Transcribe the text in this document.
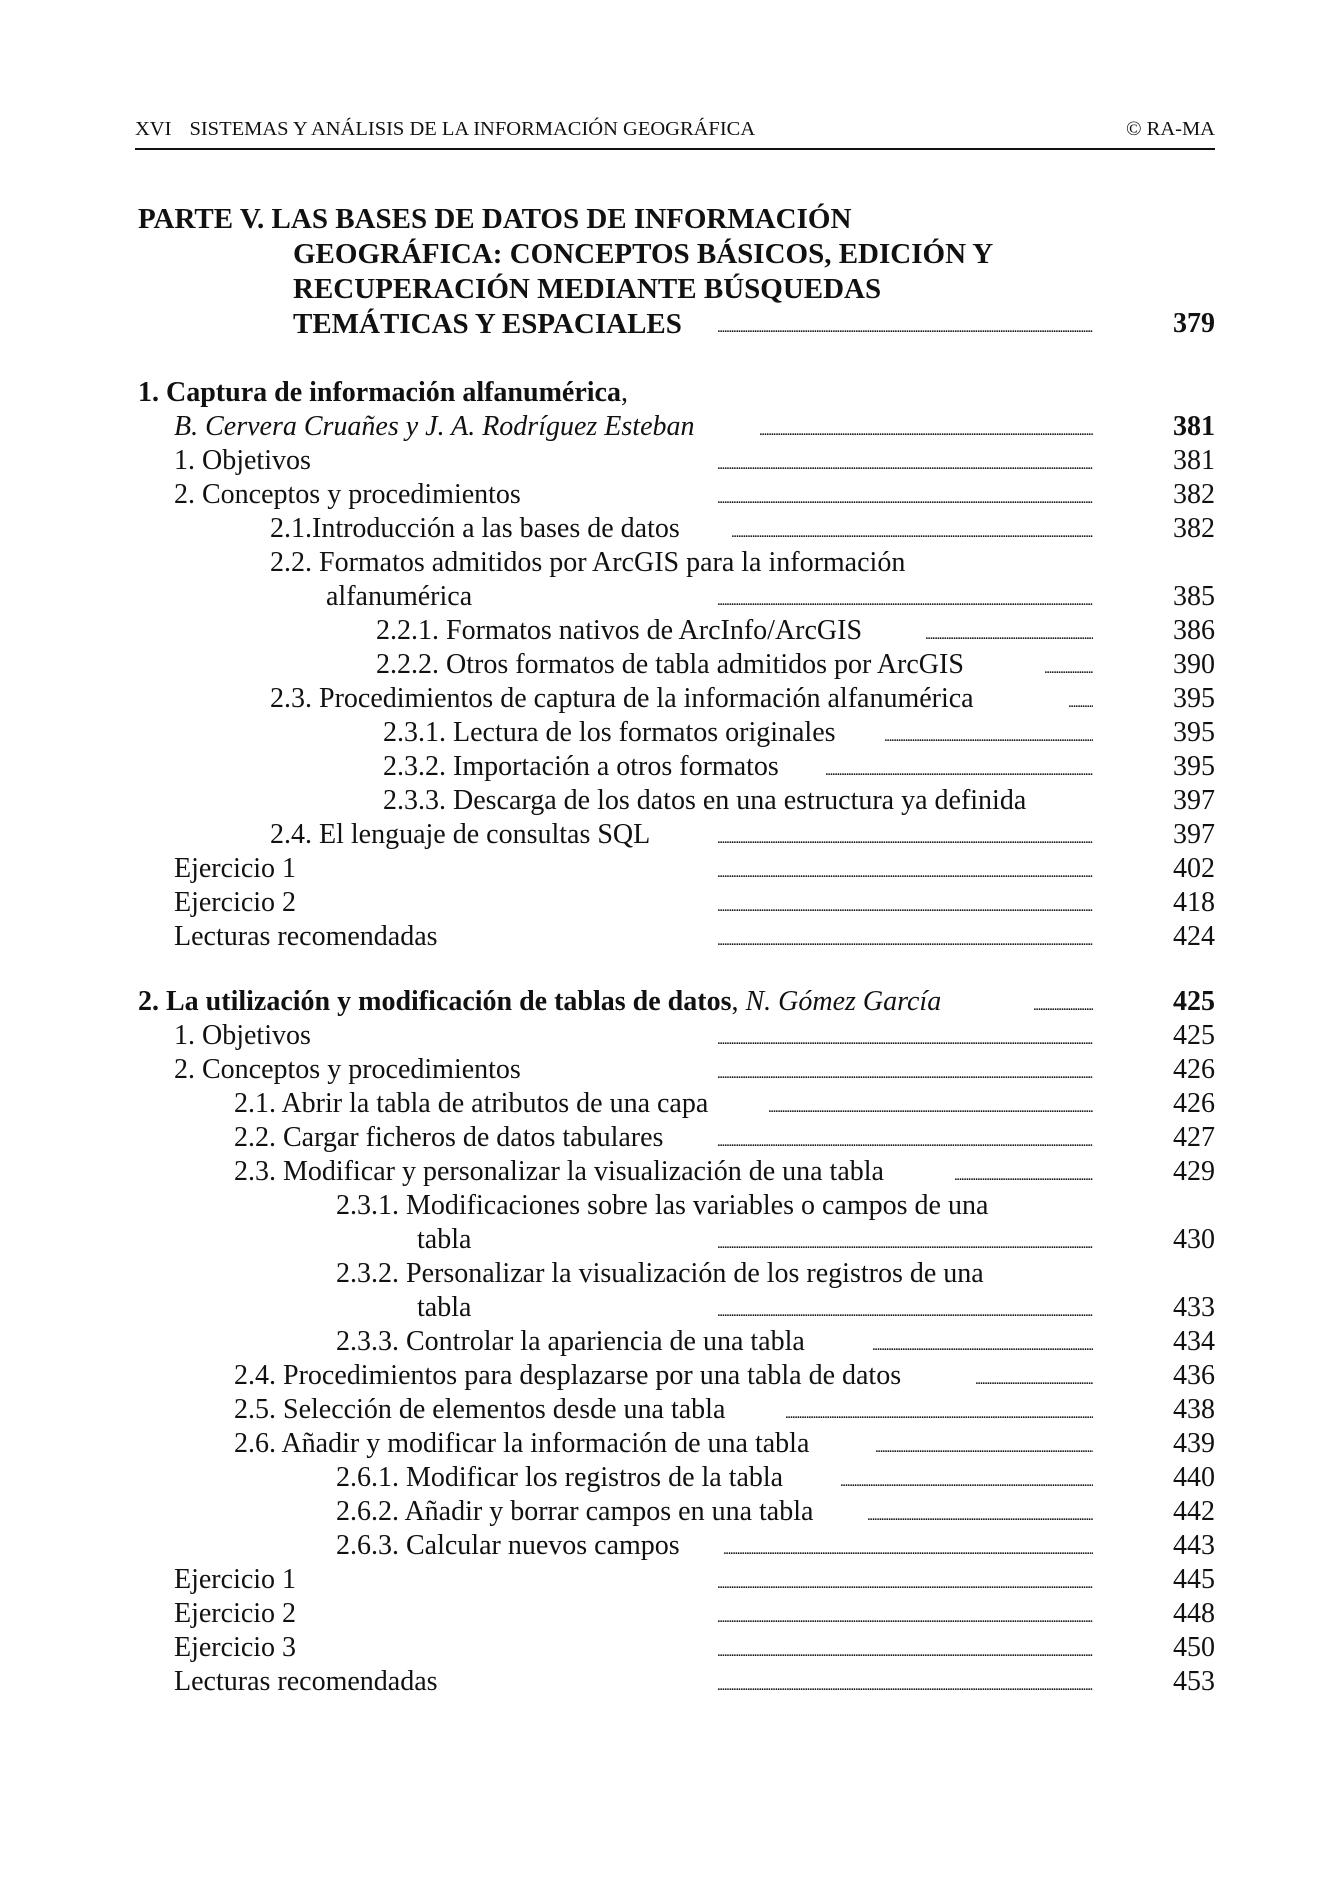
XVI SISTEMAS Y ANÁLISIS DE LA INFORMACIÓN GEOGRÁFICA	© RA-MA
PARTE V. LAS BASES DE DATOS DE INFORMACIÓN
GEOGRÁFICA: CONCEPTOS BÁSICOS, EDICIÓN Y
RECUPERACIÓN MEDIANTE BÚSQUEDAS
TEMÁTICAS Y ESPACIALES . . .	379
1. Captura de información alfanumérica,
B. Cervera Cruañes y J. A. Rodríguez Esteban . . .	381
1. Objetivos . . .	381
2. Conceptos y procedimientos . . .	382
2.1.Introducción a las bases de datos . . .	382
2.2. Formatos admitidos por ArcGIS para la información
alfanumérica . . .	385
2.2.1. Formatos nativos de ArcInfo/ArcGIS . . .	386
2.2.2. Otros formatos de tabla admitidos por ArcGIS . . .	390
2.3. Procedimientos de captura de la información alfanumérica . . .	395
2.3.1. Lectura de los formatos originales . . .	395
2.3.2. Importación a otros formatos . . .	395
2.3.3. Descarga de los datos en una estructura ya definida	397
2.4. El lenguaje de consultas SQL . . .	397
Ejercicio 1 . . .	402
Ejercicio 2 . . .	418
Lecturas recomendadas . . .	424
2. La utilización y modificación de tablas de datos, N. Gómez García . . .	425
1. Objetivos . . .	425
2. Conceptos y procedimientos . . .	426
2.1. Abrir la tabla de atributos de una capa . . .	426
2.2. Cargar ficheros de datos tabulares . . .	427
2.3. Modificar y personalizar la visualización de una tabla . . .	429
2.3.1. Modificaciones sobre las variables o campos de una
tabla . . .	430
2.3.2. Personalizar la visualización de los registros de una
tabla . . .	433
2.3.3. Controlar la apariencia de una tabla . . .	434
2.4. Procedimientos para desplazarse por una tabla de datos . . .	436
2.5. Selección de elementos desde una tabla . . .	438
2.6. Añadir y modificar la información de una tabla . . .	439
2.6.1. Modificar los registros de la tabla . . .	440
2.6.2. Añadir y borrar campos en una tabla . . .	442
2.6.3. Calcular nuevos campos . . .	443
Ejercicio 1 . . .	445
Ejercicio 2 . . .	448
Ejercicio 3 . . .	450
Lecturas recomendadas . . .	453
